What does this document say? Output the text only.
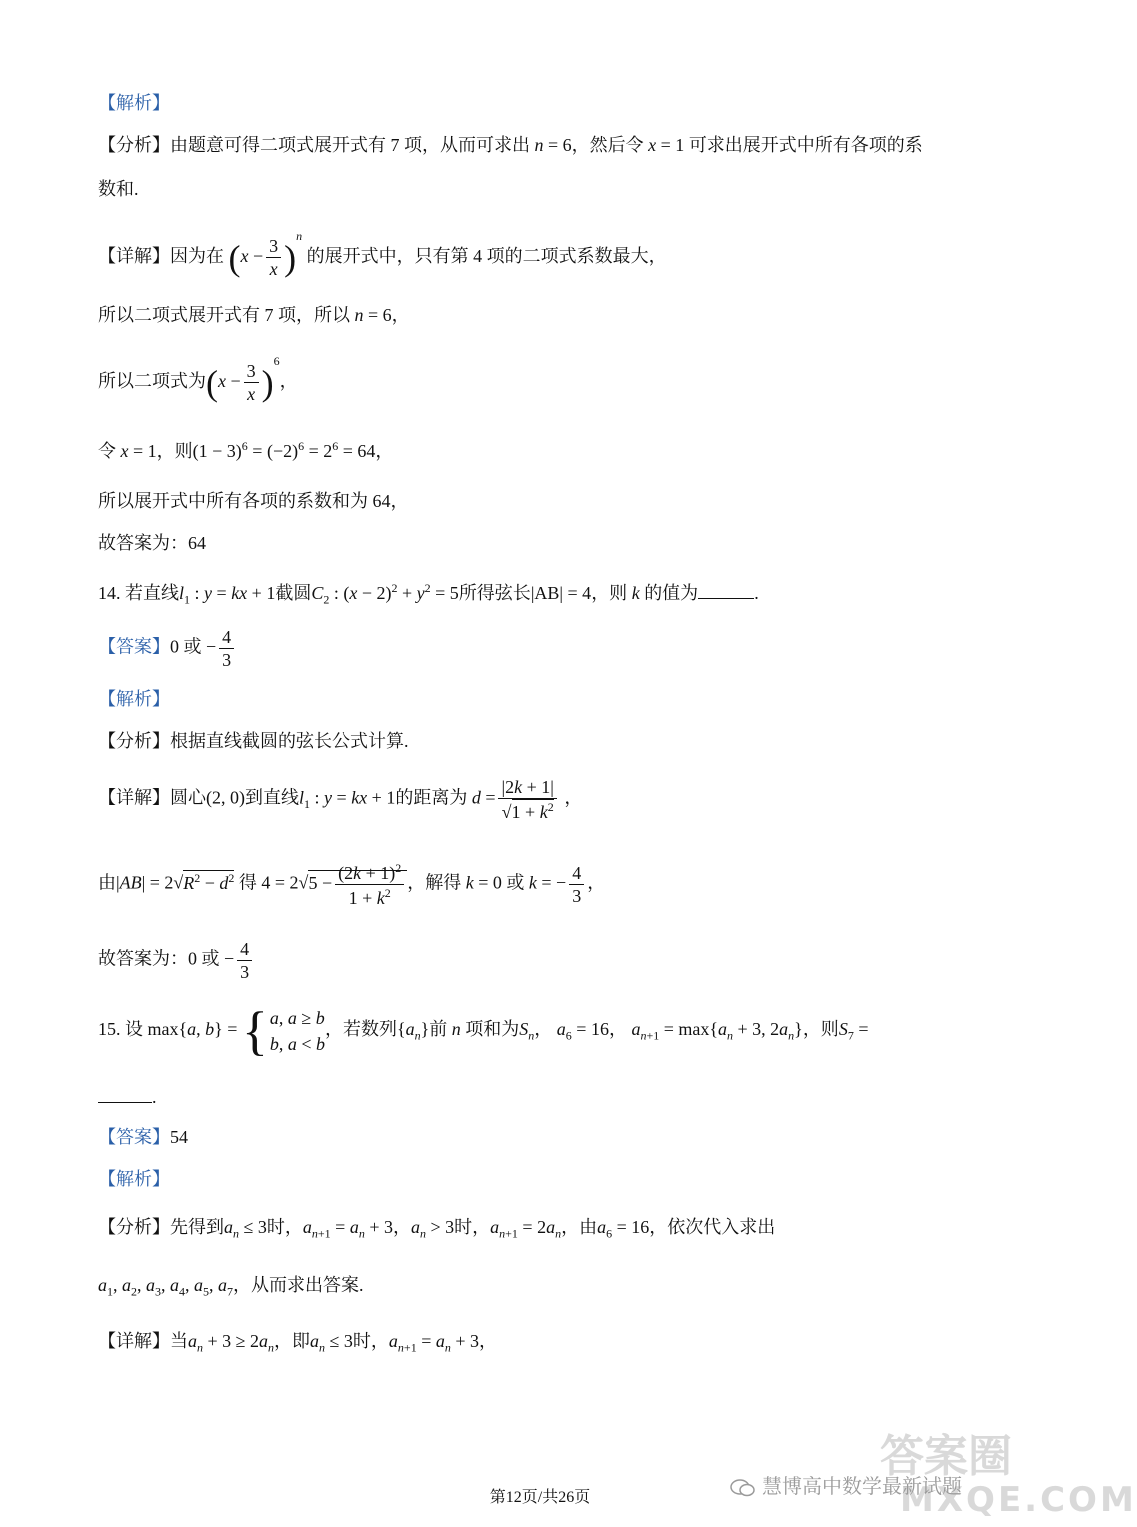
【解析】
【分析】由题意可得二项式展开式有 7 项，从而可求出 n = 6，然后令 x = 1 可求出展开式中所有各项的系
数和.
【详解】因为在 $(x - \frac{3}{x} )^n$ 的展开式中，只有第 4 项的二项式系数最大，
所以二项式展开式有 7 项，所以 n = 6，
所以二项式为$(x - \frac{3}{x} )^6$，
令 x = 1，则$(1 - 3)^6 = (-2)^6 = 2^6 = 64$，
所以展开式中所有各项的系数和为 64，
故答案为：64
14. 若直线$l_1$ : y = kx + 1截圆$C_2$ : $(x - 2)^2 + y^2 = 5$所得弦长|AB| = 4，则 k 的值为	.
【答案】0 或 − $\frac{4}{3}$
【解析】
【分析】根据直线截圆的弦长公式计算.
【详解】圆心(2, 0)到直线$l_1$ : y = kx + 1的距离为 $d = \frac{|2k + 1|}{√1 + k^2}$ ，
由$|AB| = 2√R^2 - d^2$ 得 $4 = 2√5 - \frac{(2k + 1)^2}{1 + k^2}$ ，解得 k = 0 或 k = − $\frac{4}{3}$ ，
故答案为：0 或 − $\frac{4}{3}$
15. 设 max{a, b} = { a, a ≥ b
b, a < b
，若数列$\{a_n\}$前 n 项和为$S_n$， $a_6 = 16$， $a_{n+1} = \max\{a_n + 3$, $2a_n$}，则$S_7$ =
.
【答案】54
【解析】
【分析】先得到$a_n \le 3$时，$a_{n+1} = a_n + 3$，$a_n > 3$时，$a_{n+1} = 2a_n$，由$a_6 = 16$，依次代入求出
$a_1$, $a_2$, $a_3$, $a_4$, $a_5$, $a_7$，从而求出答案.
【详解】当$a_n + 3 \ge 2a_n$，即$a_n \le 3$时，$a_{n+1} = a_n + 3$，
答案圈
MXQE.COM
慧博高中数学最新试题
第12页/共26页
